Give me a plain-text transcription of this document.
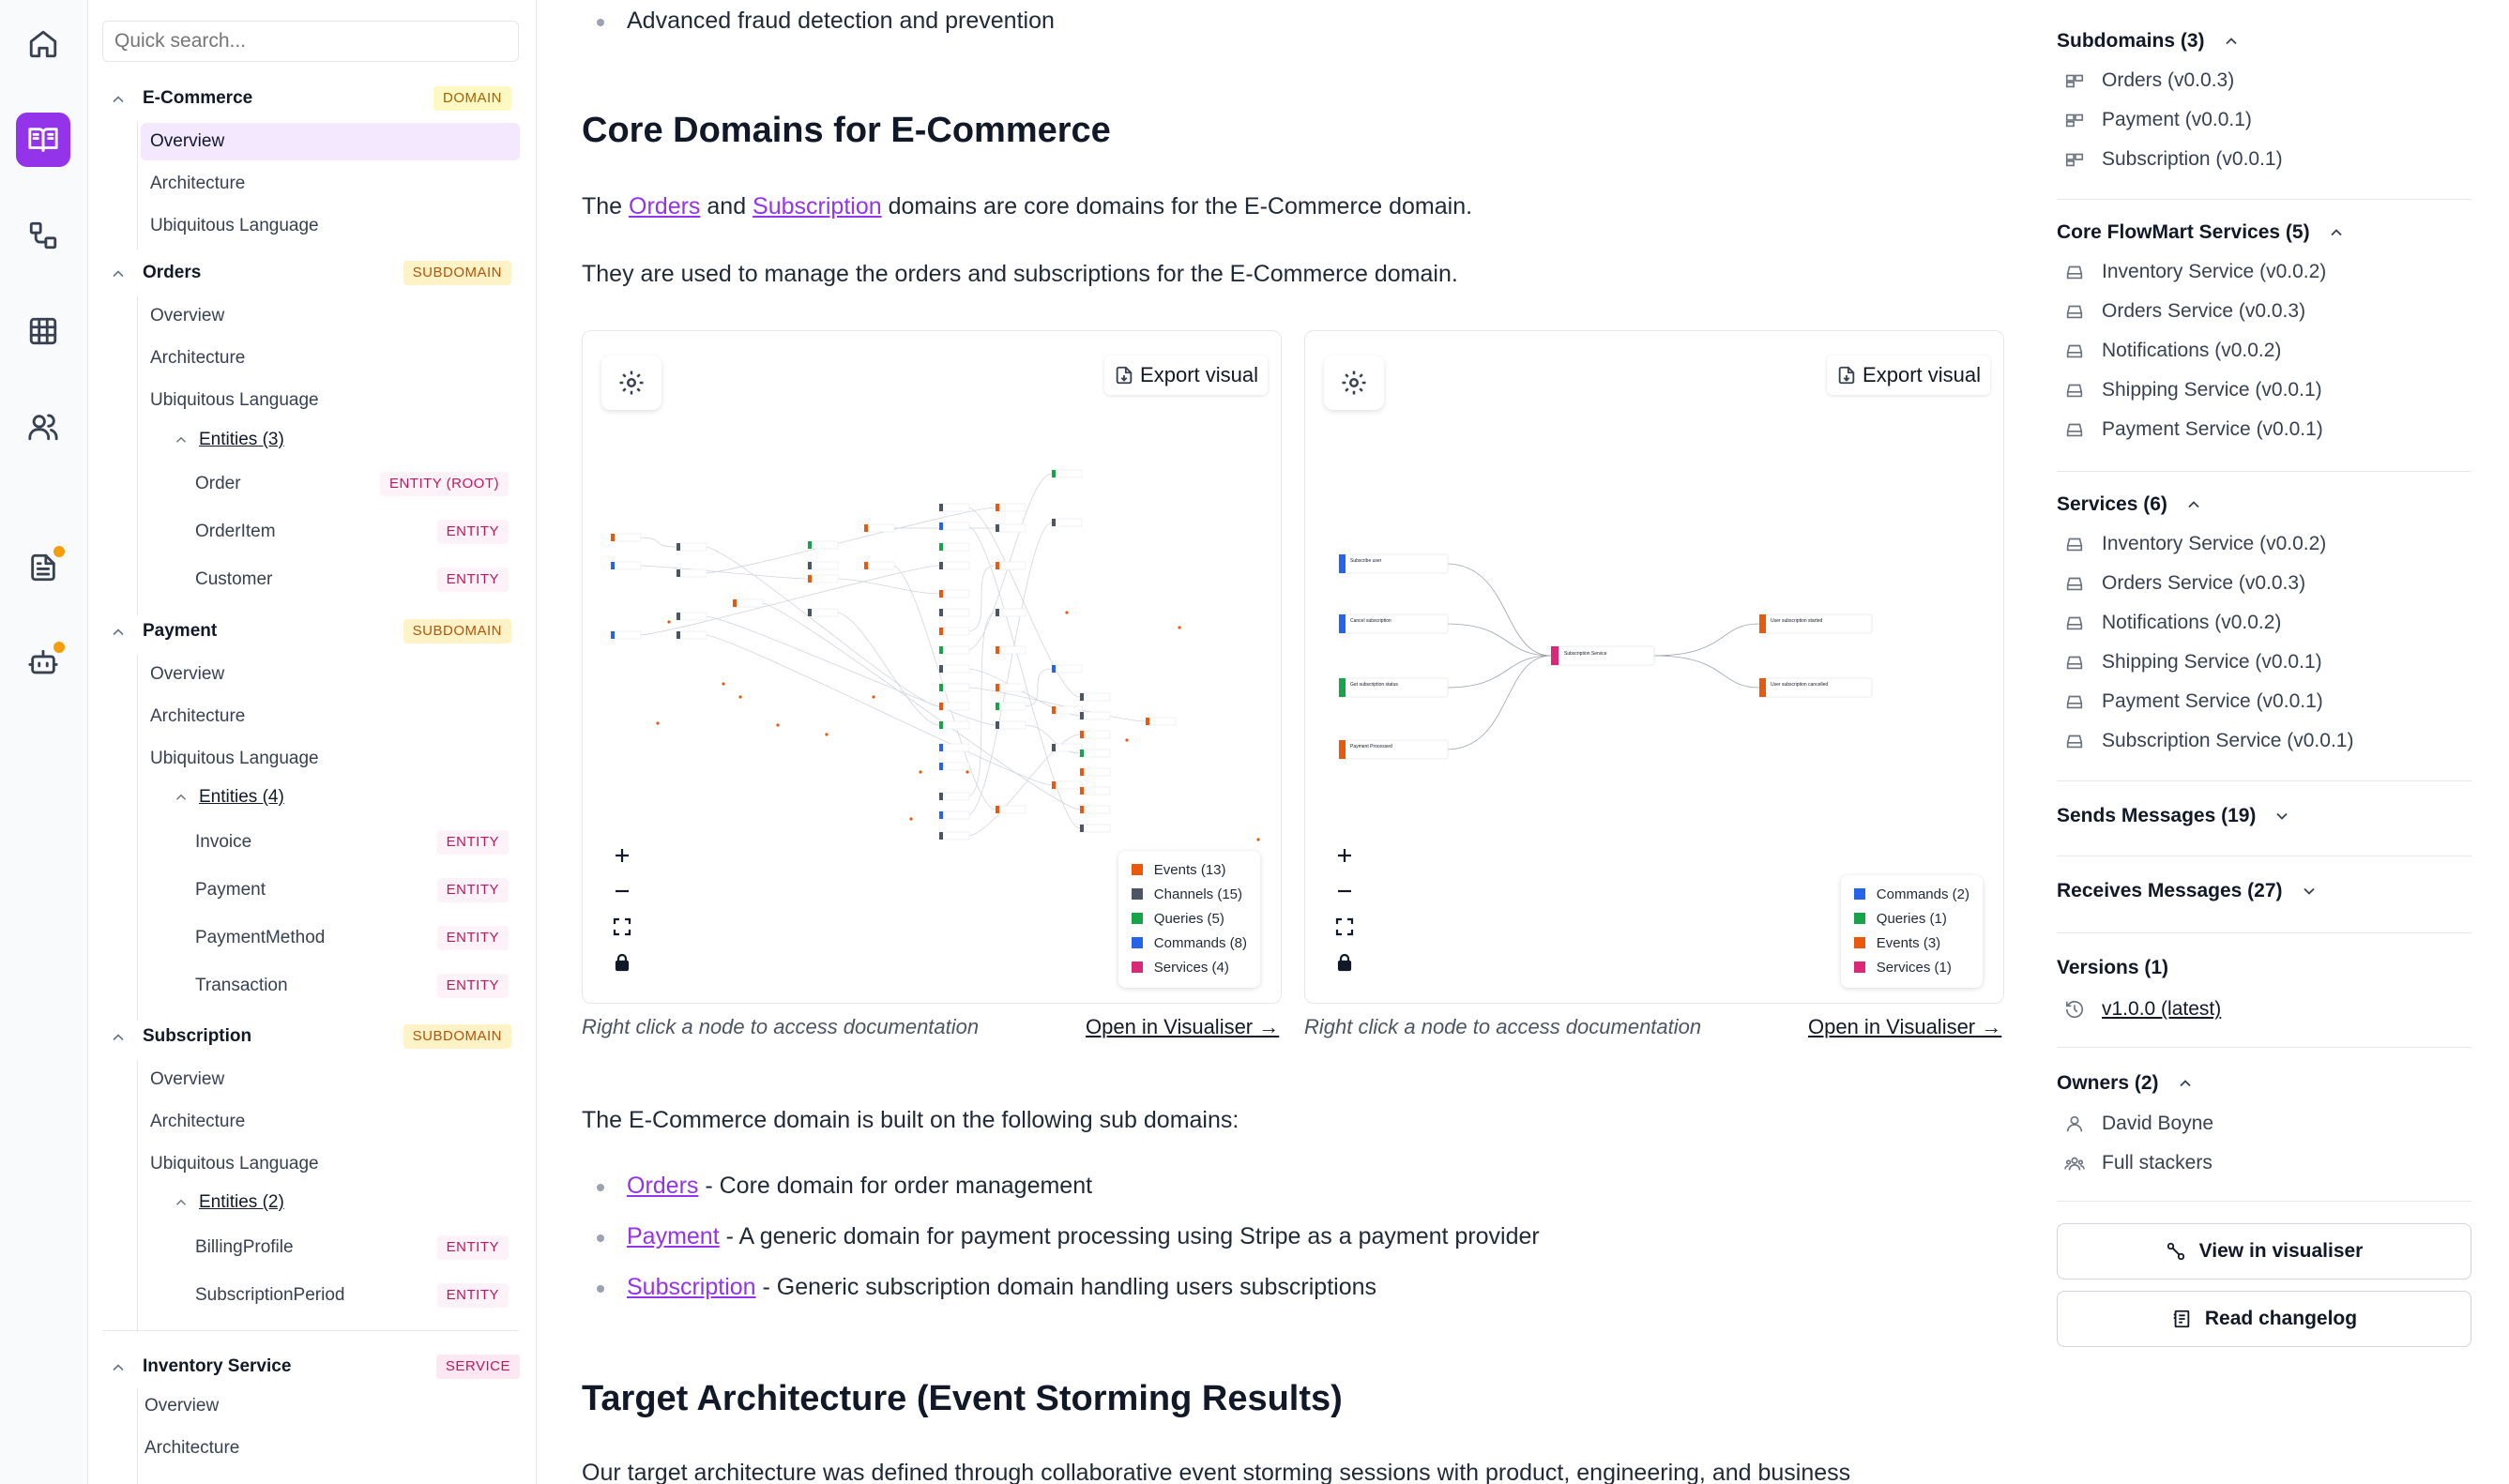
Quick search...
E-Commerce	DOMAIN
Overview
Architecture
Ubiquitous Language
Orders	SUBDOMAIN
Overview
Architecture
Ubiquitous Language
Entities (3)
Order	ENTITY (ROOT)
OrderItem	ENTITY
Customer	ENTITY
Payment	SUBDOMAIN
Overview
Architecture
Ubiquitous Language
Entities (4)
Invoice	ENTITY
Payment	ENTITY
PaymentMethod	ENTITY
Transaction	ENTITY
Subscription	SUBDOMAIN
Overview
Architecture
Ubiquitous Language
Entities (2)
BillingProfile	ENTITY
SubscriptionPeriod	ENTITY
Inventory Service	SERVICE
Overview
Architecture
Advanced fraud detection and prevention
Core Domains for E-Commerce
The Orders and Subscription domains are core domains for the E-Commerce domain.
They are used to manage the orders and subscriptions for the E-Commerce domain.
Export visual
Events (13)
Channels (15)
Queries (5)
Commands (8)
Services (4)
Right click a node to access documentation	Open in Visualiser →
Subscribe user
Cancel subscription
Get subscription status
Payment Processed
User subscription started
User subscription cancelled
Subscription Service
Export visual
Commands (2)
Queries (1)
Events (3)
Services (1)
Right click a node to access documentation	Open in Visualiser →
The E-Commerce domain is built on the following sub domains:
Orders - Core domain for order management
Payment - A generic domain for payment processing using Stripe as a payment provider
Subscription - Generic subscription domain handling users subscriptions
Target Architecture (Event Storming Results)
Our target architecture was defined through collaborative event storming sessions with product, engineering, and business
Subdomains (3)
Orders (v0.0.3)
Payment (v0.0.1)
Subscription (v0.0.1)
Core FlowMart Services (5)
Inventory Service (v0.0.2)
Orders Service (v0.0.3)
Notifications (v0.0.2)
Shipping Service (v0.0.1)
Payment Service (v0.0.1)
Services (6)
Inventory Service (v0.0.2)
Orders Service (v0.0.3)
Notifications (v0.0.2)
Shipping Service (v0.0.1)
Payment Service (v0.0.1)
Subscription Service (v0.0.1)
Sends Messages (19)
Receives Messages (27)
Versions (1)
v1.0.0 (latest)
Owners (2)
David Boyne
Full stackers
View in visualiser
Read changelog
